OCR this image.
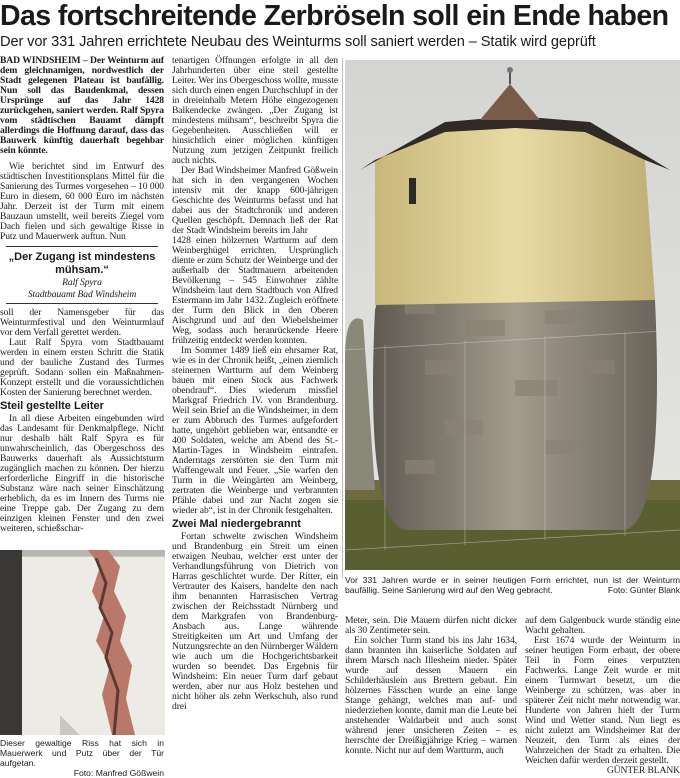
Das fortschreitende Zerbröseln soll ein Ende haben
Der vor 331 Jahren errichtete Neubau des Weinturms soll saniert werden – Statik wird geprüft

BAD WINDSHEIM – Der Weinturm auf dem gleichnamigen, nordwestlich der Stadt gelegenen Plateau ist baufällig. Nun soll das Baudenkmal, dessen Ursprünge auf das Jahr 1428 zurückgehen, saniert werden. Ralf Spyra vom städtischen Bauamt dämpft allerdings die Hoffnung darauf, dass das Bauwerk künftig dauerhaft begehbar sein könnte.

Wie berichtet sind im Entwurf des städtischen Investitionsplans Mittel für die Sanierung des Turmes vorgesehen – 10 000 Euro in diesem, 60 000 Euro im nächsten Jahr. Derzeit ist der Turm mit einem Bauzaun umstellt, weil bereits Ziegel vom Dach fielen und sich gewaltige Risse in Putz und Mauerwerk auftun. Nun

„Der Zugang ist mindestens mühsam.“
Ralf Spyra
Stadtbauamt Bad Windsheim

soll der Namensgeber für das Weinturmfestival und den Weinturmlauf vor dem Verfall gerettet werden.

Laut Ralf Spyra vom Stadtbauamt werden in einem ersten Schritt die Statik und der bauliche Zustand des Turmes geprüft. Sodann sollen ein Maßnahmen-Konzept erstellt und die voraussichtlichen Kosten der Sanierung berechnet werden.

Steil gestellte Leiter

In all diese Arbeiten eingebunden wird das Landesamt für Denkmalpflege. Nicht nur deshalb hält Ralf Spyra es für unwahrscheinlich, das Obergeschoss des Bauwerks dauerhaft als Aussichtsturm zugänglich machen zu können. Der hierzu erforderliche Eingriff in die historische Substanz wäre nach seiner Einschätzung erheblich, da es im Innern des Turms nie eine Treppe gab. Der Zugang zu dem einzigen kleinen Fenster und den zwei weiteren, schießschar-

tenartigen Öffnungen erfolgte in all den Jahrhunderten über eine steil gestellte Leiter. Wer ins Obergeschoss wollte, musste sich durch einen engen Durchschlupf in der in dreieinhalb Metern Höhe eingezogenen Balkendecke zwängen. „Der Zugang ist mindestens mühsam“, beschreibt Spyra die Gegebenheiten. Ausschließen will er hinsichtlich einer möglichen künftigen Nutzung zum jetzigen Zeitpunkt freilich auch nichts.

Der Bad Windsheimer Manfred Gößwein hat sich in den vergangenen Wochen intensiv mit der knapp 600-jährigen Geschichte des Weinturms befasst und hat dabei aus der Stadtchronik und anderen Quellen geschöpft. Demnach ließ der Rat der Stadt Windsheim bereits im Jahr

1428 einen hölzernen Wartturm auf dem Weinberghügel errichten. Ursprünglich diente er zum Schutz der Weinberge und der außerhalb der Stadtmauern arbeitenden Bevölkerung – 545 Einwohner zählte Windsheim laut dem Stadtbuch von Alfred Estermann im Jahr 1432. Zugleich eröffnete der Turm den Blick in den Oberen Aischgrund und auf den Wiebelsheimer Weg, sodass auch heranrückende Heere frühzeitig entdeckt werden konnten.

Im Sommer 1489 ließ ein ehrsamer Rat, wie es in der Chronik heißt, „einen ziemlich steinernen Wartturm auf dem Weinberg bauen mit einen Stock aus Fachwerk obendrauf“. Dies wiederum missfiel Markgraf Friedrich IV. von Brandenburg. Weil sein Brief an die Windsheimer, in dem er zum Abbruch des Turmes aufgefordert hatte, ungehört geblieben war, entsandte er 400 Soldaten, welche am Abend des St.-Martin-Tages in Windsheim eintrafen. Anderntags zerstörten sie den Turm mit Waffengewalt und Feuer. „Sie warfen den Turm in die Weingärten am Weinberg, zertraten die Weinberge und verbrannten Pfähle dabei und zur Nacht zogen sie wieder ab“, ist in der Chronik festgehalten.

Zwei Mal niedergebrannt

Fortan schwelte zwischen Windsheim und Brandenburg ein Streit um einen etwaigen Neubau, welcher erst unter der Verhandlungsführung von Dietrich von Harras geschlichtet wurde. Der Ritter, ein Vertrauter des Kaisers, handelte den nach ihm benannten Harrasischen Vertrag zwischen der Reichsstadt Nürnberg und dem Markgrafen von Brandenburg-Ansbach aus. Lange währende Streitigkeiten um Art und Umfang der Nutzungsrechte an den Nürnberger Wäldern wie auch um die Hochgerichtsbarkeit wurden so beendet. Das Ergebnis für Windsheim: Ein neuer Turm darf gebaut werden, aber nur aus Holz bestehen und nicht höher als zehn Werkschuh, also rund drei

Vor 331 Jahren wurde er in seiner heutigen Form errichtet, nun ist der Weinturm baufällig. Seine Sanierung wird auf den Weg gebracht.	Foto: Günter Blank

Meter, sein. Die Mauern dürfen nicht dicker als 30 Zentimeter sein.

Ein solcher Turm stand bis ins Jahr 1634, dann brannten ihn kaiserliche Soldaten auf ihrem Marsch nach Illesheim nieder. Später wurde auf dessen Mauern ein Schilderhäuslein aus Brettern gebaut. Ein hölzernes Fässchen wurde an eine lange Stange gehängt, welches man auf- und niederziehen konnte, damit man die Leute bei anstehender Waldarbeit und auch sonst während jener unsicheren Zeiten – es herrschte der Dreißigjährige Krieg – warnen konnte. Nicht nur auf dem Wartturm, auch

auf dem Galgenbuck wurde ständig eine Wacht gehalten.

Erst 1674 wurde der Weinturm in seiner heutigen Form erbaut, der obere Teil in Form eines verputzten Fachwerks. Lange Zeit wurde er mit einem Turmwart besetzt, um die Weinberge zu schützen, was aber in späterer Zeit nicht mehr notwendig war. Hunderte von Jahren hielt der Turm Wind und Wetter stand. Nun liegt es nicht zuletzt am Windsheimer Rat der Neuzeit, den Turm als eines der Wahrzeichen der Stadt zu erhalten. Die Weichen dafür werden derzeit gestellt.
GÜNTER BLANK

Dieser gewaltige Riss hat sich in Mauerwerk und Putz über der Tür aufgetan.
Foto: Manfred Gößwein
